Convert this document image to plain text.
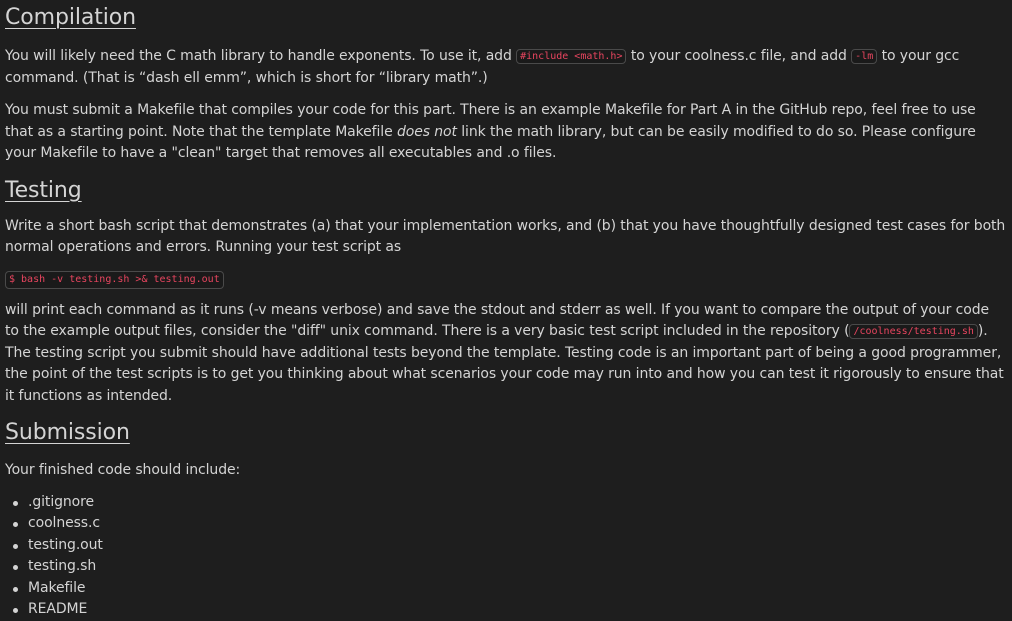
Compilation

You will likely need the C math library to handle exponents. To use it, add #include <math.h> to your coolness.c file, and add -lm to your gcc command. (That is “dash ell emm”, which is short for “library math”.)

You must submit a Makefile that compiles your code for this part. There is an example Makefile for Part A in the GitHub repo, feel free to use that as a starting point. Note that the template Makefile does not link the math library, but can be easily modified to do so. Please configure your Makefile to have a "clean" target that removes all executables and .o files.

Testing

Write a short bash script that demonstrates (a) that your implementation works, and (b) that you have thoughtfully designed test cases for both normal operations and errors. Running your test script as

$ bash -v testing.sh >& testing.out

will print each command as it runs (-v means verbose) and save the stdout and stderr as well. If you want to compare the output of your code to the example output files, consider the "diff" unix command. There is a very basic test script included in the repository ( /coolness/testing.sh ). The testing script you submit should have additional tests beyond the template. Testing code is an important part of being a good programmer, the point of the test scripts is to get you thinking about what scenarios your code may run into and how you can test it rigorously to ensure that it functions as intended.

Submission

Your finished code should include:

.gitignore
coolness.c
testing.out
testing.sh
Makefile
README
